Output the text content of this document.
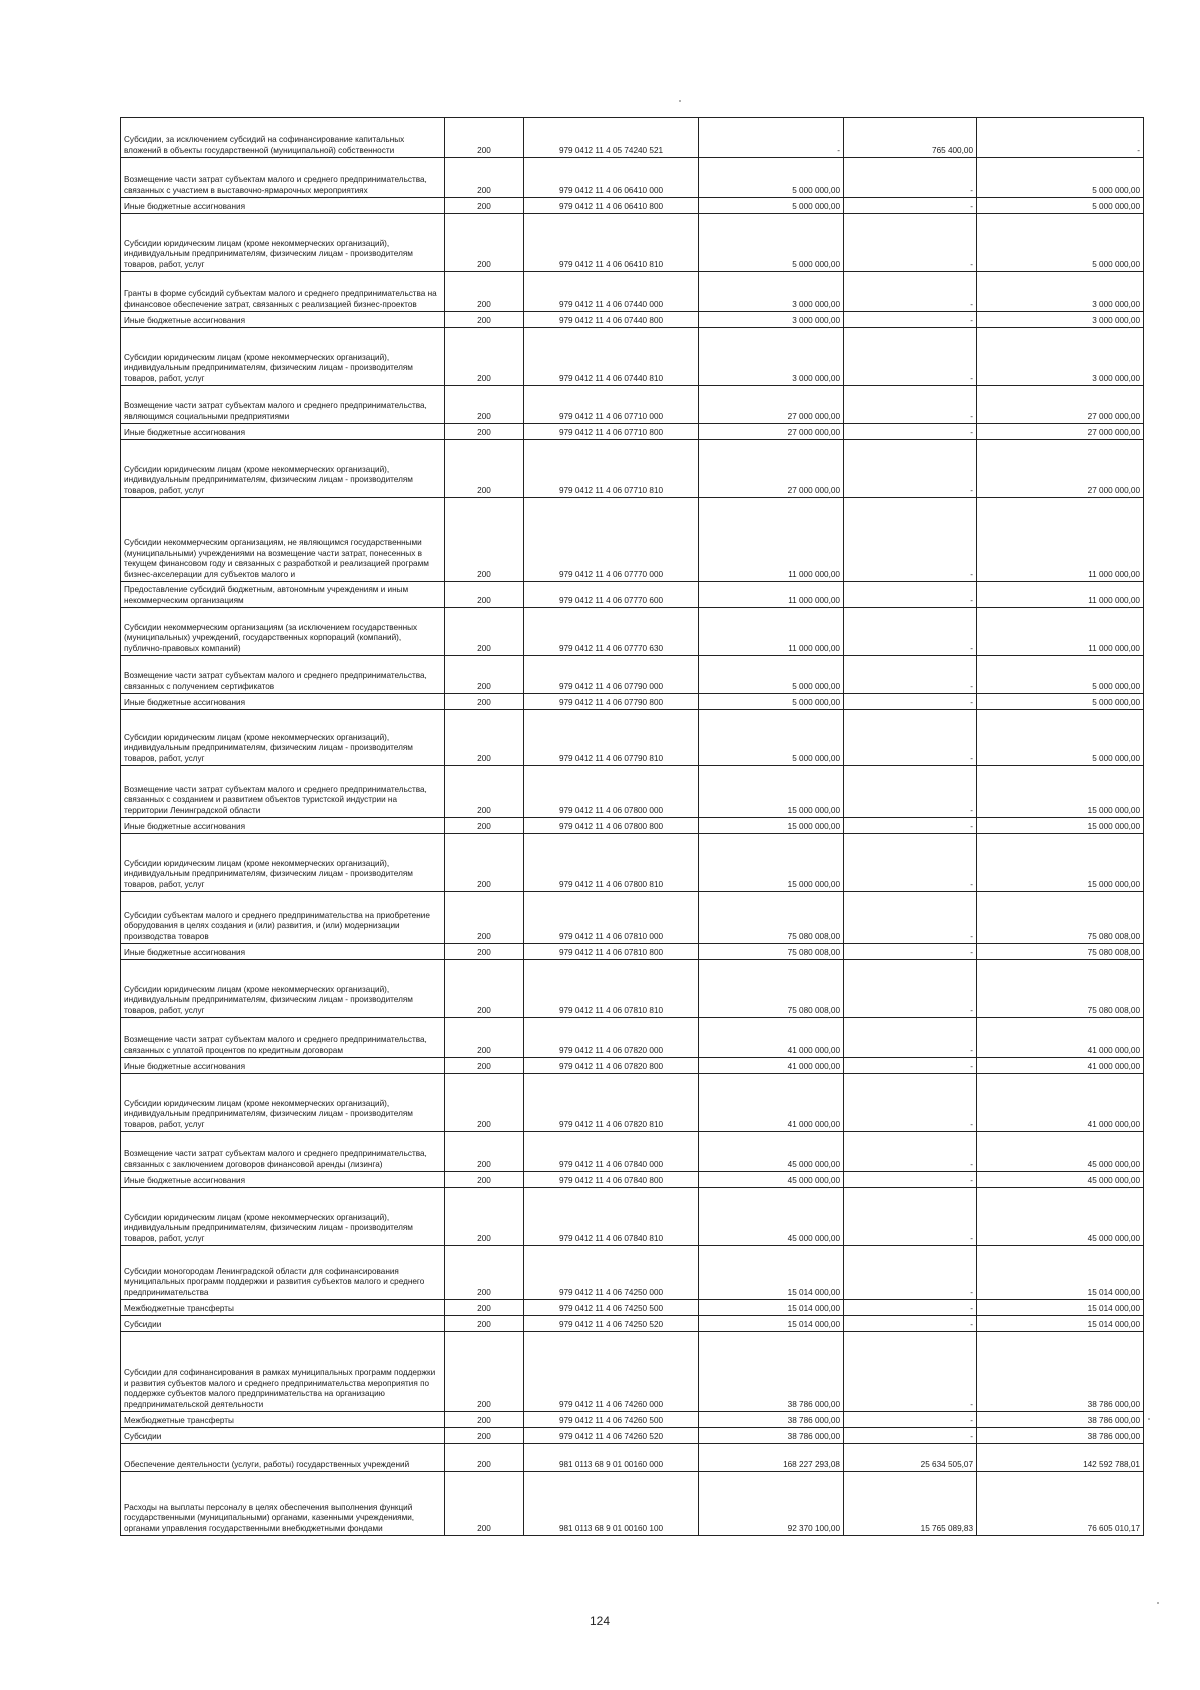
Субсидии, за исключением субсидий на софинансирование капитальных вложений в объекты государственной (муниципальной) собственности	200	979 0412 11 4 05 74240 521	-	765 400,00	-
Возмещение части затрат субъектам малого и среднего предпринимательства, связанных с участием в выставочно-ярмарочных мероприятиях	200	979 0412 11 4 06 06410 000	5 000 000,00	-	5 000 000,00
Иные бюджетные ассигнования	200	979 0412 11 4 06 06410 800	5 000 000,00	-	5 000 000,00
Субсидии юридическим лицам (кроме некоммерческих организаций), индивидуальным предпринимателям, физическим лицам - производителям товаров, работ, услуг	200	979 0412 11 4 06 06410 810	5 000 000,00	-	5 000 000,00
Гранты в форме субсидий субъектам малого и среднего предпринимательства на финансовое обеспечение затрат, связанных с реализацией бизнес-проектов	200	979 0412 11 4 06 07440 000	3 000 000,00	-	3 000 000,00
Иные бюджетные ассигнования	200	979 0412 11 4 06 07440 800	3 000 000,00	-	3 000 000,00
Субсидии юридическим лицам (кроме некоммерческих организаций), индивидуальным предпринимателям, физическим лицам - производителям товаров, работ, услуг	200	979 0412 11 4 06 07440 810	3 000 000,00	-	3 000 000,00
Возмещение части затрат субъектам малого и среднего предпринимательства, являющимся социальными предприятиями	200	979 0412 11 4 06 07710 000	27 000 000,00	-	27 000 000,00
Иные бюджетные ассигнования	200	979 0412 11 4 06 07710 800	27 000 000,00	-	27 000 000,00
Субсидии юридическим лицам (кроме некоммерческих организаций), индивидуальным предпринимателям, физическим лицам - производителям товаров, работ, услуг	200	979 0412 11 4 06 07710 810	27 000 000,00	-	27 000 000,00
Субсидии некоммерческим организациям, не являющимся государственными (муниципальными) учреждениями на возмещение части затрат, понесенных в текущем финансовом году и связанных с разработкой и реализацией программ бизнес-акселерации для субъектов малого и	200	979 0412 11 4 06 07770 000	11 000 000,00	-	11 000 000,00
Предоставление субсидий бюджетным, автономным учреждениям и иным некоммерческим организациям	200	979 0412 11 4 06 07770 600	11 000 000,00	-	11 000 000,00
Субсидии некоммерческим организациям (за исключением государственных (муниципальных) учреждений, государственных корпораций (компаний), публично-правовых компаний)	200	979 0412 11 4 06 07770 630	11 000 000,00	-	11 000 000,00
Возмещение части затрат субъектам малого и среднего предпринимательства, связанных с получением сертификатов	200	979 0412 11 4 06 07790 000	5 000 000,00	-	5 000 000,00
Иные бюджетные ассигнования	200	979 0412 11 4 06 07790 800	5 000 000,00	-	5 000 000,00
Субсидии юридическим лицам (кроме некоммерческих организаций), индивидуальным предпринимателям, физическим лицам - производителям товаров, работ, услуг	200	979 0412 11 4 06 07790 810	5 000 000,00	-	5 000 000,00
Возмещение части затрат субъектам малого и среднего предпринимательства, связанных с созданием и развитием объектов туристской индустрии на территории Ленинградской области	200	979 0412 11 4 06 07800 000	15 000 000,00	-	15 000 000,00
Иные бюджетные ассигнования	200	979 0412 11 4 06 07800 800	15 000 000,00	-	15 000 000,00
Субсидии юридическим лицам (кроме некоммерческих организаций), индивидуальным предпринимателям, физическим лицам - производителям товаров, работ, услуг	200	979 0412 11 4 06 07800 810	15 000 000,00	-	15 000 000,00
Субсидии субъектам малого и среднего предпринимательства на приобретение оборудования в целях создания и (или) развития, и (или) модернизации производства товаров	200	979 0412 11 4 06 07810 000	75 080 008,00	-	75 080 008,00
Иные бюджетные ассигнования	200	979 0412 11 4 06 07810 800	75 080 008,00	-	75 080 008,00
Субсидии юридическим лицам (кроме некоммерческих организаций), индивидуальным предпринимателям, физическим лицам - производителям товаров, работ, услуг	200	979 0412 11 4 06 07810 810	75 080 008,00	-	75 080 008,00
Возмещение части затрат субъектам малого и среднего предпринимательства, связанных с уплатой процентов по кредитным договорам	200	979 0412 11 4 06 07820 000	41 000 000,00	-	41 000 000,00
Иные бюджетные ассигнования	200	979 0412 11 4 06 07820 800	41 000 000,00	-	41 000 000,00
Субсидии юридическим лицам (кроме некоммерческих организаций), индивидуальным предпринимателям, физическим лицам - производителям товаров, работ, услуг	200	979 0412 11 4 06 07820 810	41 000 000,00	-	41 000 000,00
Возмещение части затрат субъектам малого и среднего предпринимательства, связанных с заключением договоров финансовой аренды (лизинга)	200	979 0412 11 4 06 07840 000	45 000 000,00	-	45 000 000,00
Иные бюджетные ассигнования	200	979 0412 11 4 06 07840 800	45 000 000,00	-	45 000 000,00
Субсидии юридическим лицам (кроме некоммерческих организаций), индивидуальным предпринимателям, физическим лицам - производителям товаров, работ, услуг	200	979 0412 11 4 06 07840 810	45 000 000,00	-	45 000 000,00
Субсидии моногородам Ленинградской области для софинансирования муниципальных программ поддержки и развития субъектов малого и среднего предпринимательства	200	979 0412 11 4 06 74250 000	15 014 000,00	-	15 014 000,00
Межбюджетные трансферты	200	979 0412 11 4 06 74250 500	15 014 000,00	-	15 014 000,00
Субсидии	200	979 0412 11 4 06 74250 520	15 014 000,00	-	15 014 000,00
Субсидии для софинансирования в рамках муниципальных программ поддержки и развития субъектов малого и среднего предпринимательства мероприятия по поддержке субъектов малого предпринимательства на организацию предпринимательской деятельности	200	979 0412 11 4 06 74260 000	38 786 000,00	-	38 786 000,00
Межбюджетные трансферты	200	979 0412 11 4 06 74260 500	38 786 000,00	-	38 786 000,00
Субсидии	200	979 0412 11 4 06 74260 520	38 786 000,00	-	38 786 000,00
Обеспечение деятельности (услуги, работы) государственных учреждений	200	981 0113 68 9 01 00160 000	168 227 293,08	25 634 505,07	142 592 788,01
Расходы на выплаты персоналу в целях обеспечения выполнения функций государственными (муниципальными) органами, казенными учреждениями, органами управления государственными внебюджетными фондами	200	981 0113 68 9 01 00160 100	92 370 100,00	15 765 089,83	76 605 010,17
124
